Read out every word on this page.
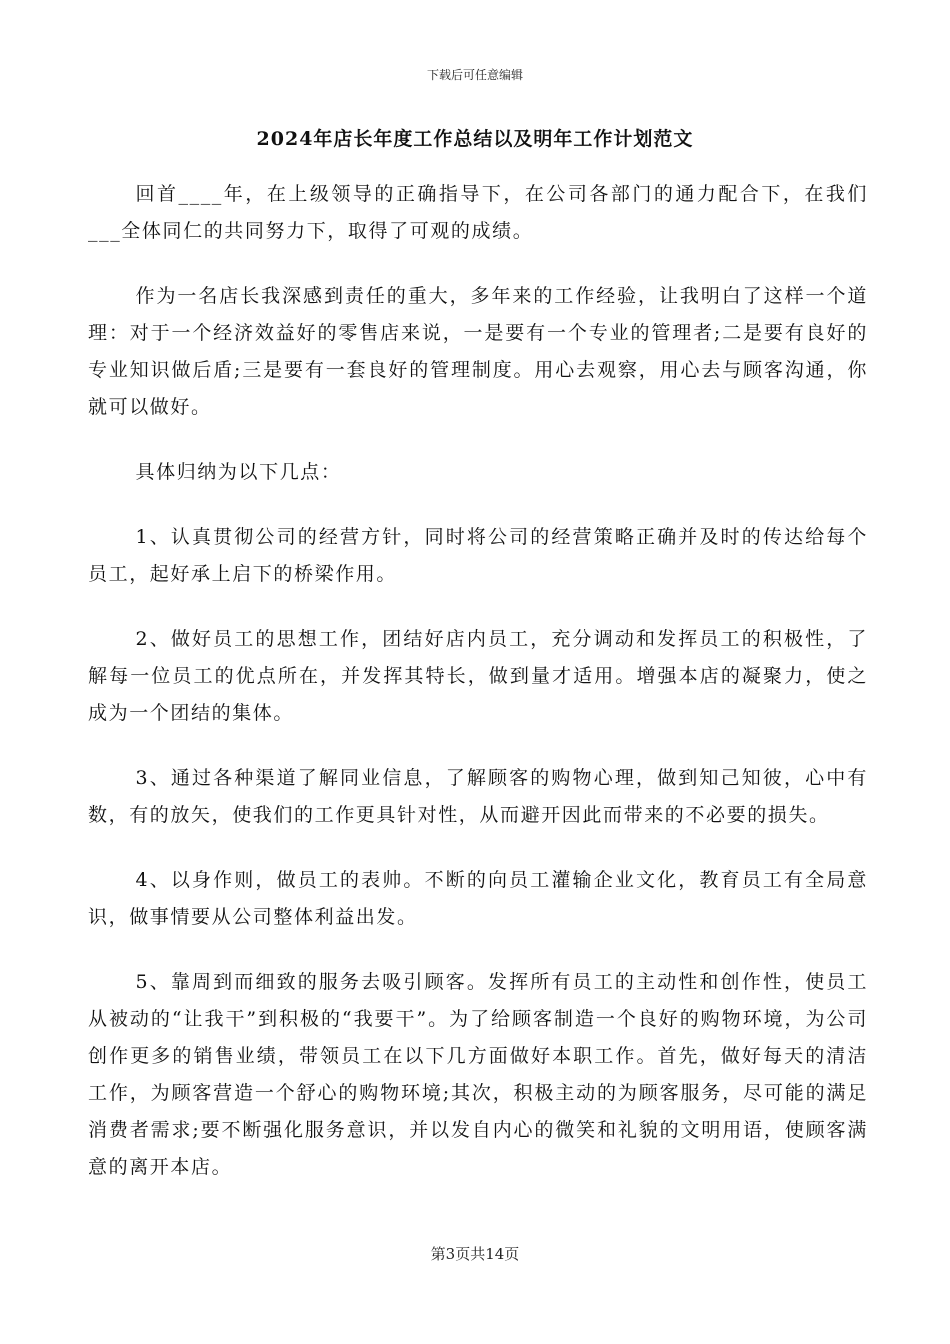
下载后可任意编辑
2024年店长年度工作总结以及明年工作计划范文

回首____年，在上级领导的正确指导下，在公司各部门的通力配合下，在我们___全体同仁的共同努力下，取得了可观的成绩。

作为一名店长我深感到责任的重大，多年来的工作经验，让我明白了这样一个道理：对于一个经济效益好的零售店来说，一是要有一个专业的管理者;二是要有良好的专业知识做后盾;三是要有一套良好的管理制度。用心去观察，用心去与顾客沟通，你就可以做好。

具体归纳为以下几点：

1、认真贯彻公司的经营方针，同时将公司的经营策略正确并及时的传达给每个员工，起好承上启下的桥梁作用。

2、做好员工的思想工作，团结好店内员工，充分调动和发挥员工的积极性，了解每一位员工的优点所在，并发挥其特长，做到量才适用。增强本店的凝聚力，使之成为一个团结的集体。

3、通过各种渠道了解同业信息，了解顾客的购物心理，做到知己知彼，心中有数，有的放矢，使我们的工作更具针对性，从而避开因此而带来的不必要的损失。

4、以身作则，做员工的表帅。不断的向员工灌输企业文化，教育员工有全局意识，做事情要从公司整体利益出发。

5、靠周到而细致的服务去吸引顾客。发挥所有员工的主动性和创作性，使员工从被动的“让我干”到积极的“我要干”。为了给顾客制造一个良好的购物环境，为公司创作更多的销售业绩，带领员工在以下几方面做好本职工作。首先，做好每天的清洁工作，为顾客营造一个舒心的购物环境;其次，积极主动的为顾客服务，尽可能的满足消费者需求;要不断强化服务意识，并以发自内心的微笑和礼貌的文明用语，使顾客满意的离开本店。

第3页共14页
